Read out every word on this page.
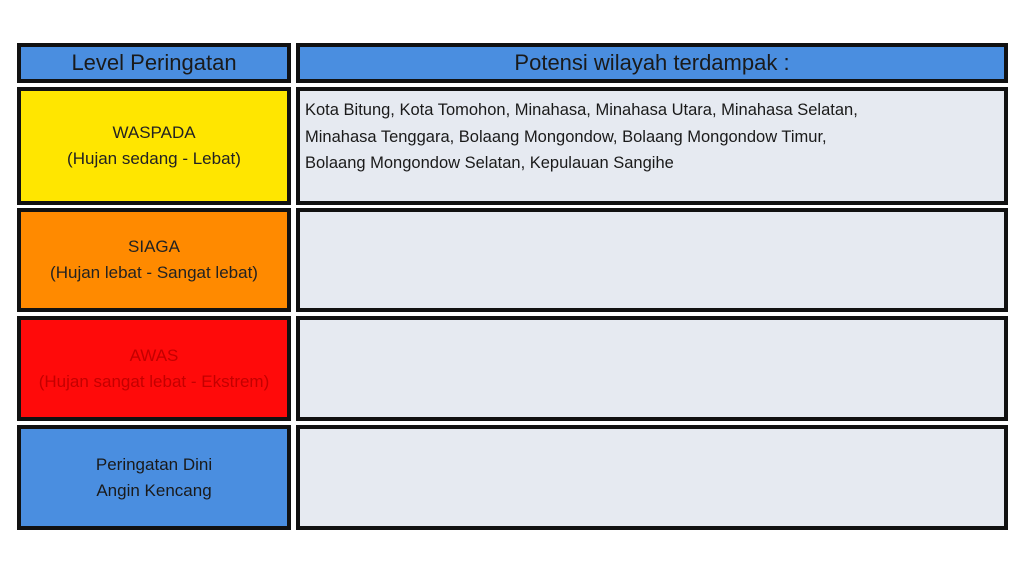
Level Peringatan	Potensi wilayah terdampak :
WASPADA
(Hujan sedang - Lebat)

Kota Bitung, Kota Tomohon, Minahasa, Minahasa Utara, Minahasa Selatan,

Minahasa Tenggara, Bolaang Mongondow, Bolaang Mongondow Timur,

Bolaang Mongondow Selatan, Kepulauan Sangihe

SIAGA
(Hujan lebat - Sangat lebat)
AWAS
(Hujan sangat lebat - Ekstrem)
Peringatan Dini
Angin Kencang
